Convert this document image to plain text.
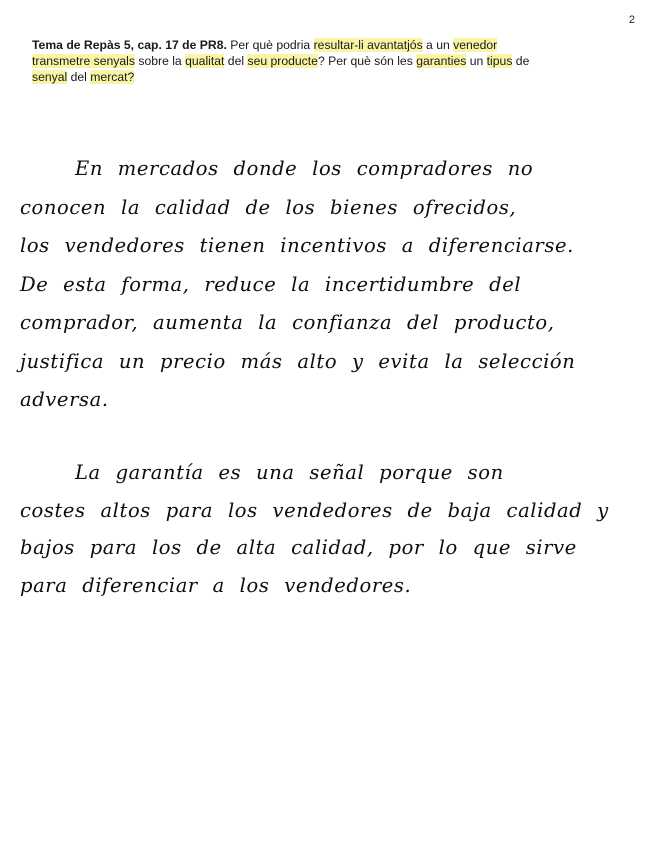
2

Tema de Repàs 5, cap. 17 de PR8. Per què podria resultar-li avantatjós a un venedor transmetre senyals sobre la qualitat del seu producte? Per què són les garanties un tipus de senyal del mercat?

En mercados donde los compradores no
conocen la calidad de los bienes ofrecidos,
los vendedores tienen incentivos a diferenciarse.
De esta forma, reduce la incertidumbre del
comprador, aumenta la confianza del producto,
justifica un precio más alto y evita la selección
adversa.
La garantía es una señal porque son
costes altos para los vendedores de baja calidad y
bajos para los de alta calidad, por lo que sirve
para diferenciar a los vendedores.
